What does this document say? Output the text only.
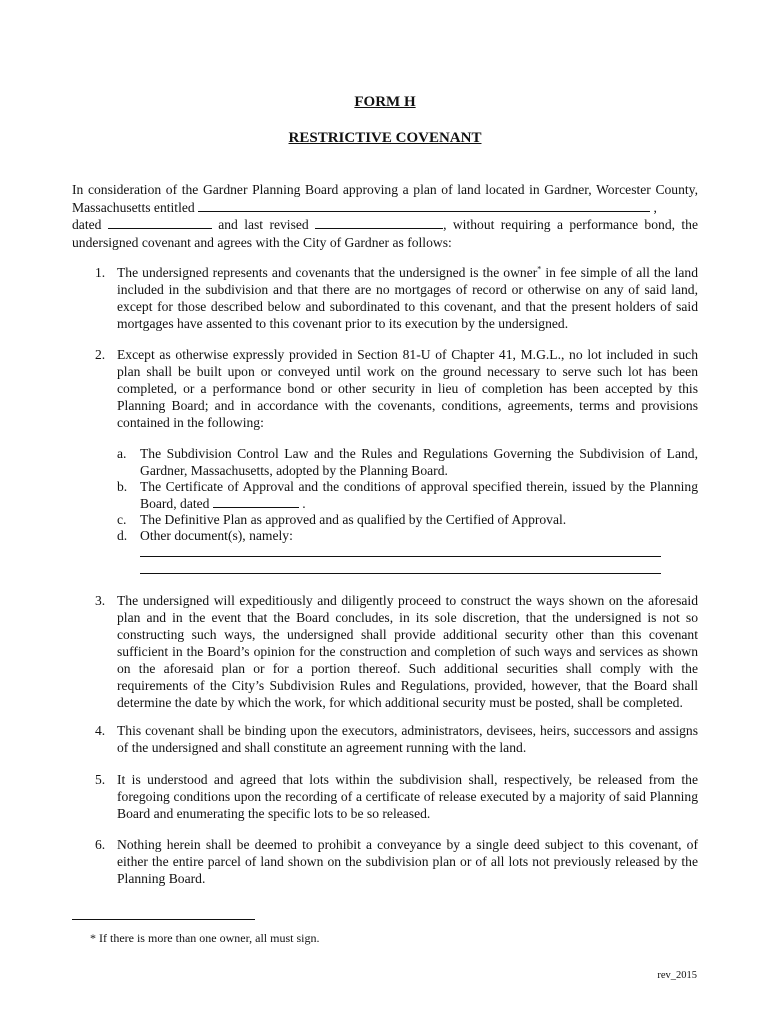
FORM H
RESTRICTIVE COVENANT
In consideration of the Gardner Planning Board approving a plan of land located in Gardner, Worcester County, Massachusetts entitled	,
dated	and last revised	, without requiring a performance bond, the undersigned covenant and agrees with the City of Gardner as follows:
1. The undersigned represents and covenants that the undersigned is the owner* in fee simple of all the land included in the subdivision and that there are no mortgages of record or otherwise on any of said land, except for those described below and subordinated to this covenant, and that the present holders of said mortgages have assented to this covenant prior to its execution by the undersigned.
2. Except as otherwise expressly provided in Section 81-U of Chapter 41, M.G.L., no lot included in such plan shall be built upon or conveyed until work on the ground necessary to serve such lot has been completed, or a performance bond or other security in lieu of completion has been accepted by this Planning Board; and in accordance with the covenants, conditions, agreements, terms and provisions contained in the following:
a. The Subdivision Control Law and the Rules and Regulations Governing the Subdivision of Land, Gardner, Massachusetts, adopted by the Planning Board.
b. The Certificate of Approval and the conditions of approval specified therein, issued by the Planning Board, dated	.
c. The Definitive Plan as approved and as qualified by the Certified of Approval.
d. Other document(s), namely:
3. The undersigned will expeditiously and diligently proceed to construct the ways shown on the aforesaid plan and in the event that the Board concludes, in its sole discretion, that the undersigned is not so constructing such ways, the undersigned shall provide additional security other than this covenant sufficient in the Board’s opinion for the construction and completion of such ways and services as shown on the aforesaid plan or for a portion thereof. Such additional securities shall comply with the requirements of the City’s Subdivision Rules and Regulations, provided, however, that the Board shall determine the date by which the work, for which additional security must be posted, shall be completed.
4. This covenant shall be binding upon the executors, administrators, devisees, heirs, successors and assigns of the undersigned and shall constitute an agreement running with the land.
5. It is understood and agreed that lots within the subdivision shall, respectively, be released from the foregoing conditions upon the recording of a certificate of release executed by a majority of said Planning Board and enumerating the specific lots to be so released.
6. Nothing herein shall be deemed to prohibit a conveyance by a single deed subject to this covenant, of either the entire parcel of land shown on the subdivision plan or of all lots not previously released by the Planning Board.
* If there is more than one owner, all must sign.
rev_2015
